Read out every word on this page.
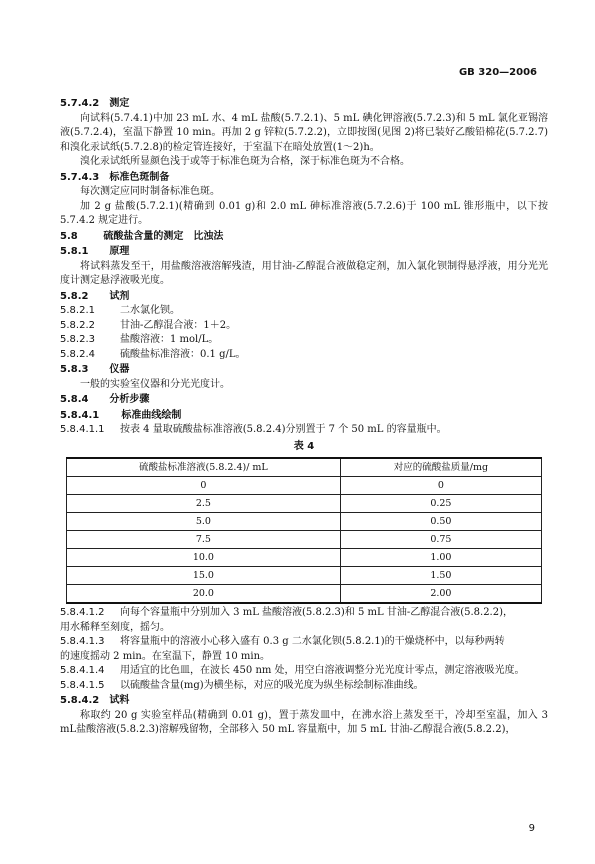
GB 320—2006
5.7.4.2 测定

向试料(5.7.4.1)中加 23 mL 水、4 mL 盐酸(5.7.2.1)、5 mL 碘化钾溶液(5.7.2.3)和 5 mL 氯化亚锡溶液(5.7.2.4)，室温下静置 10 min。再加 2 g 锌粒(5.7.2.2)，立即按图(见图 2)将已装好乙酸铅棉花(5.7.2.7)和溴化汞试纸(5.7.2.8)的检定管连接好，于室温下在暗处放置(1～2)h。

溴化汞试纸所显颜色浅于或等于标准色斑为合格，深于标准色斑为不合格。

5.7.4.3 标准色斑制备

每次测定应同时制备标准色斑。

加 2 g 盐酸(5.7.2.1)(精确到 0.01 g)和 2.0 mL 砷标准溶液(5.7.2.6)于 100 mL 锥形瓶中，以下按 5.7.4.2 规定进行。

5.8	硫酸盐含量的测定　比浊法
5.8.1 原理

将试料蒸发至干，用盐酸溶液溶解残渣，用甘油-乙醇混合液做稳定剂，加入氯化钡制得悬浮液，用分光光度计测定悬浮液吸光度。

5.8.2 试剂

5.8.2.1	二水氯化钡。

5.8.2.2	甘油-乙醇混合液：1＋2。

5.8.2.3	盐酸溶液：1 mol/L。

5.8.2.4	硫酸盐标准溶液：0.1 g/L。

5.8.3 仪器

一般的实验室仪器和分光光度计。

5.8.4 分析步骤
5.8.4.1 标准曲线绘制

5.8.4.1.1 按表 4 量取硫酸盐标准溶液(5.8.2.4)分别置于 7 个 50 mL 的容量瓶中。

表 4
硫酸盐标准溶液(5.8.2.4)/ mL	对应的硫酸盐质量/mg
0	0
2.5	0.25
5.0	0.50
7.5	0.75
10.0	1.00
15.0	1.50
20.0	2.00
5.8.4.1.2 向每个容量瓶中分别加入 3 mL 盐酸溶液(5.8.2.3)和 5 mL 甘油-乙醇混合液(5.8.2.2)，
用水稀释至刻度，摇匀。
5.8.4.1.3 将容量瓶中的溶液小心移入盛有 0.3 g 二水氯化钡(5.8.2.1)的干燥烧杯中，以每秒两转
的速度摇动 2 min。在室温下，静置 10 min。

5.8.4.1.4 用适宜的比色皿，在波长 450 nm 处，用空白溶液调整分光光度计零点，测定溶液吸光度。

5.8.4.1.5 以硫酸盐含量(mg)为横坐标，对应的吸光度为纵坐标绘制标准曲线。

5.8.4.2 试料

称取约 20 g 实验室样品(精确到 0.01 g)，置于蒸发皿中，在沸水浴上蒸发至干，冷却至室温，加入 3 mL盐酸溶液(5.8.2.3)溶解残留物，全部移入 50 mL 容量瓶中，加 5 mL 甘油-乙醇混合液(5.8.2.2)，

9
